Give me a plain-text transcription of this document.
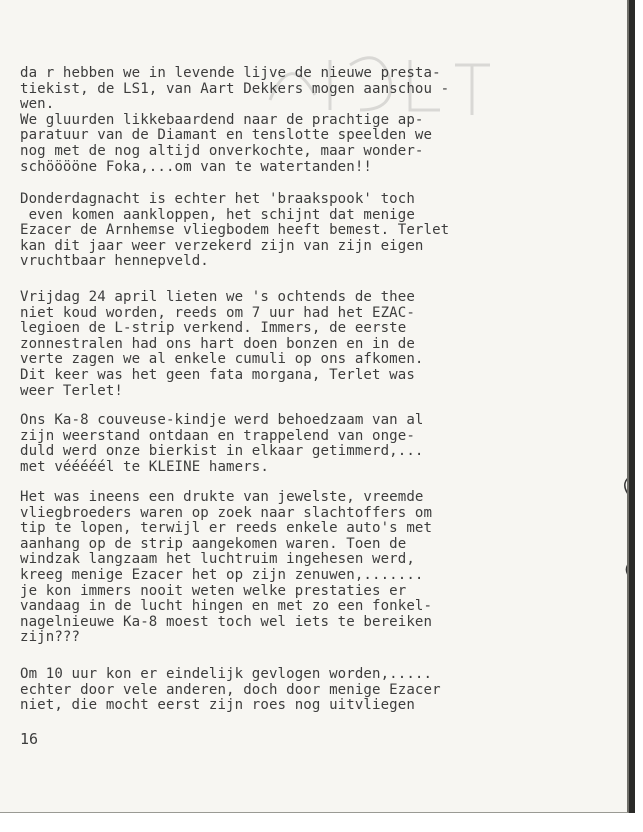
da r hebben we in levende lijve de nieuwe presta-
tiekist, de LS1, van Aart Dekkers mogen aanschou -
wen.
We gluurden likkebaardend naar de prachtige ap-
paratuur van de Diamant en tenslotte speelden we
nog met de nog altijd onverkochte, maar wonder-
schööööne Foka,...om van te watertanden!!

Donderdagnacht is echter het 'braakspook' toch
even komen aankloppen, het schijnt dat menige
Ezacer de Arnhemse vliegbodem heeft bemest. Terlet
kan dit jaar weer verzekerd zijn van zijn eigen
vruchtbaar hennepveld.

Vrijdag 24 april lieten we 's ochtends de thee
niet koud worden, reeds om 7 uur had het EZAC-
legioen de L-strip verkend. Immers, de eerste
zonnestralen had ons hart doen bonzen en in de
verte zagen we al enkele cumuli op ons afkomen.
Dit keer was het geen fata morgana, Terlet was
weer Terlet!

Ons Ka-8 couveuse-kindje werd behoedzaam van al
zijn weerstand ontdaan en trappelend van onge-
duld werd onze bierkist in elkaar getimmerd,...
met vééééél te KLEINE hamers.

Het was ineens een drukte van jewelste, vreemde
vliegbroeders waren op zoek naar slachtoffers om
tip te lopen, terwijl er reeds enkele auto's met
aanhang op de strip aangekomen waren. Toen de
windzak langzaam het luchtruim ingehesen werd,
kreeg menige Ezacer het op zijn zenuwen,.......
je kon immers nooit weten welke prestaties er
vandaag in de lucht hingen en met zo een fonkel-
nagelnieuwe Ka-8 moest toch wel iets te bereiken
zijn???

Om 10 uur kon er eindelijk gevlogen worden,.....
echter door vele anderen, doch door menige Ezacer
niet, die mocht eerst zijn roes nog uitvliegen

16
